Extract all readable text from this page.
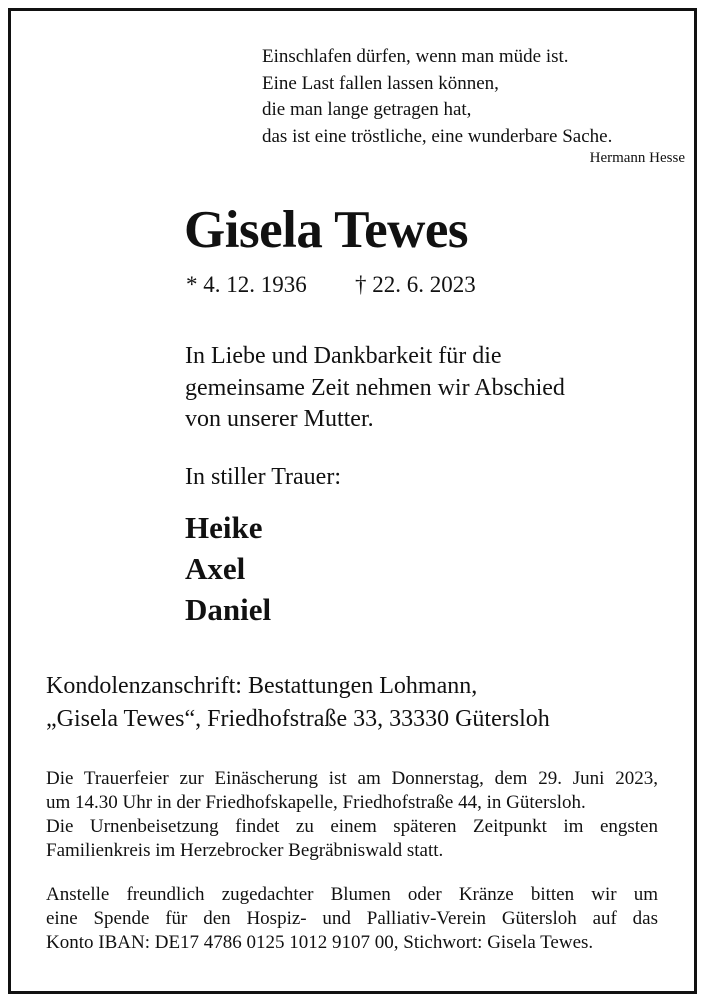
Einschlafen dürfen, wenn man müde ist.
Eine Last fallen lassen können,
die man lange getragen hat,
das ist eine tröstliche, eine wunderbare Sache.
Hermann Hesse
Gisela Tewes
* 4. 12. 1936 † 22. 6. 2023
In Liebe und Dankbarkeit für die
gemeinsame Zeit nehmen wir Abschied
von unserer Mutter.
In stiller Trauer:
Heike
Axel
Daniel
Kondolenzanschrift: Bestattungen Lohmann,
„Gisela Tewes“, Friedhofstraße 33, 33330 Gütersloh
Die Trauerfeier zur Einäscherung ist am Donnerstag, dem 29. Juni 2023,
um 14.30 Uhr in der Friedhofskapelle, Friedhofstraße 44, in Gütersloh.
Die Urnenbeisetzung findet zu einem späteren Zeitpunkt im engsten
Familienkreis im Herzebrocker Begräbniswald statt.
Anstelle freundlich zugedachter Blumen oder Kränze bitten wir um
eine Spende für den Hospiz- und Palliativ-Verein Gütersloh auf das
Konto IBAN: DE17 4786 0125 1012 9107 00, Stichwort: Gisela Tewes.
